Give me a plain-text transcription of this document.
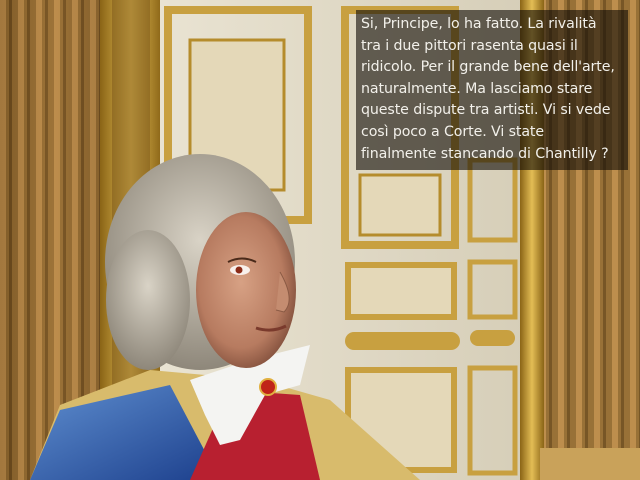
Si, Principe, lo ha fatto. La rivalità
tra i due pittori rasenta quasi il
ridicolo. Per il grande bene dell'arte,
naturalmente. Ma lasciamo stare
queste dispute tra artisti. Vi si vede
così poco a Corte. Vi state
finalmente stancando di Chantilly ?
